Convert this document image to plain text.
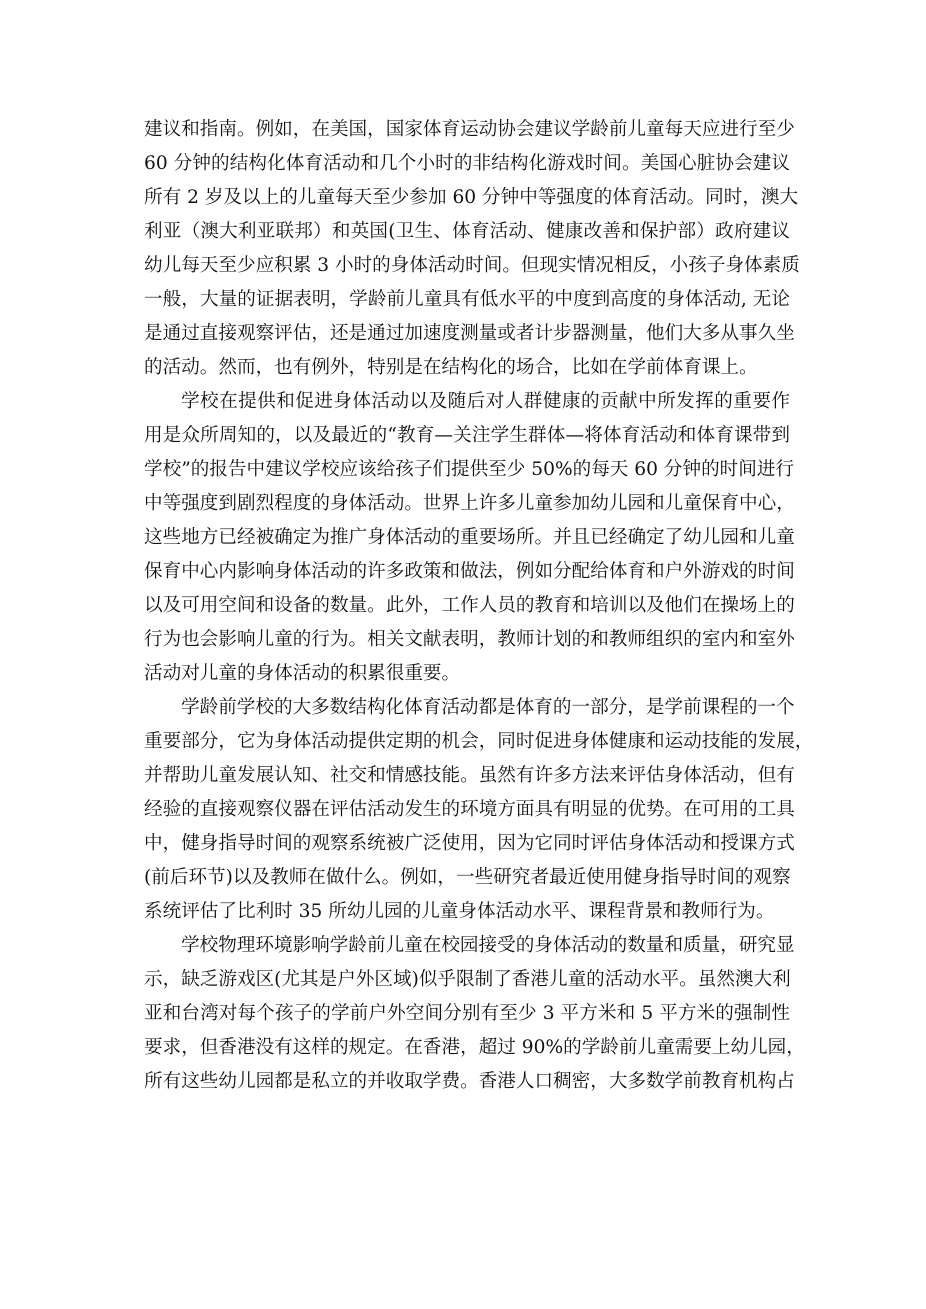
建议和指南。例如，在美国，国家体育运动协会建议学龄前儿童每天应进行至少
60 分钟的结构化体育活动和几个小时的非结构化游戏时间。美国心脏协会建议
所有 2 岁及以上的儿童每天至少参加 60 分钟中等强度的体育活动。同时，澳大
利亚（澳大利亚联邦）和英国(卫生、体育活动、健康改善和保护部）政府建议
幼儿每天至少应积累 3 小时的身体活动时间。但现实情况相反，小孩子身体素质
一般，大量的证据表明，学龄前儿童具有低水平的中度到高度的身体活动, 无论
是通过直接观察评估，还是通过加速度测量或者计步器测量，他们大多从事久坐
的活动。然而，也有例外，特别是在结构化的场合，比如在学前体育课上。
学校在提供和促进身体活动以及随后对人群健康的贡献中所发挥的重要作
用是众所周知的，以及最近的“教育—关注学生群体—将体育活动和体育课带到
学校”的报告中建议学校应该给孩子们提供至少 50%的每天 60 分钟的时间进行
中等强度到剧烈程度的身体活动。世界上许多儿童参加幼儿园和儿童保育中心，
这些地方已经被确定为推广身体活动的重要场所。并且已经确定了幼儿园和儿童
保育中心内影响身体活动的许多政策和做法，例如分配给体育和户外游戏的时间
以及可用空间和设备的数量。此外，工作人员的教育和培训以及他们在操场上的
行为也会影响儿童的行为。相关文献表明，教师计划的和教师组织的室内和室外
活动对儿童的身体活动的积累很重要。
学龄前学校的大多数结构化体育活动都是体育的一部分，是学前课程的一个
重要部分，它为身体活动提供定期的机会，同时促进身体健康和运动技能的发展，
并帮助儿童发展认知、社交和情感技能。虽然有许多方法来评估身体活动，但有
经验的直接观察仪器在评估活动发生的环境方面具有明显的优势。在可用的工具
中，健身指导时间的观察系统被广泛使用，因为它同时评估身体活动和授课方式
(前后环节)以及教师在做什么。例如，一些研究者最近使用健身指导时间的观察
系统评估了比利时 35 所幼儿园的儿童身体活动水平、课程背景和教师行为。
学校物理环境影响学龄前儿童在校园接受的身体活动的数量和质量，研究显
示，缺乏游戏区(尤其是户外区域)似乎限制了香港儿童的活动水平。虽然澳大利
亚和台湾对每个孩子的学前户外空间分别有至少 3 平方米和 5 平方米的强制性
要求，但香港没有这样的规定。在香港，超过 90%的学龄前儿童需要上幼儿园，
所有这些幼儿园都是私立的并收取学费。香港人口稠密，大多数学前教育机构占
